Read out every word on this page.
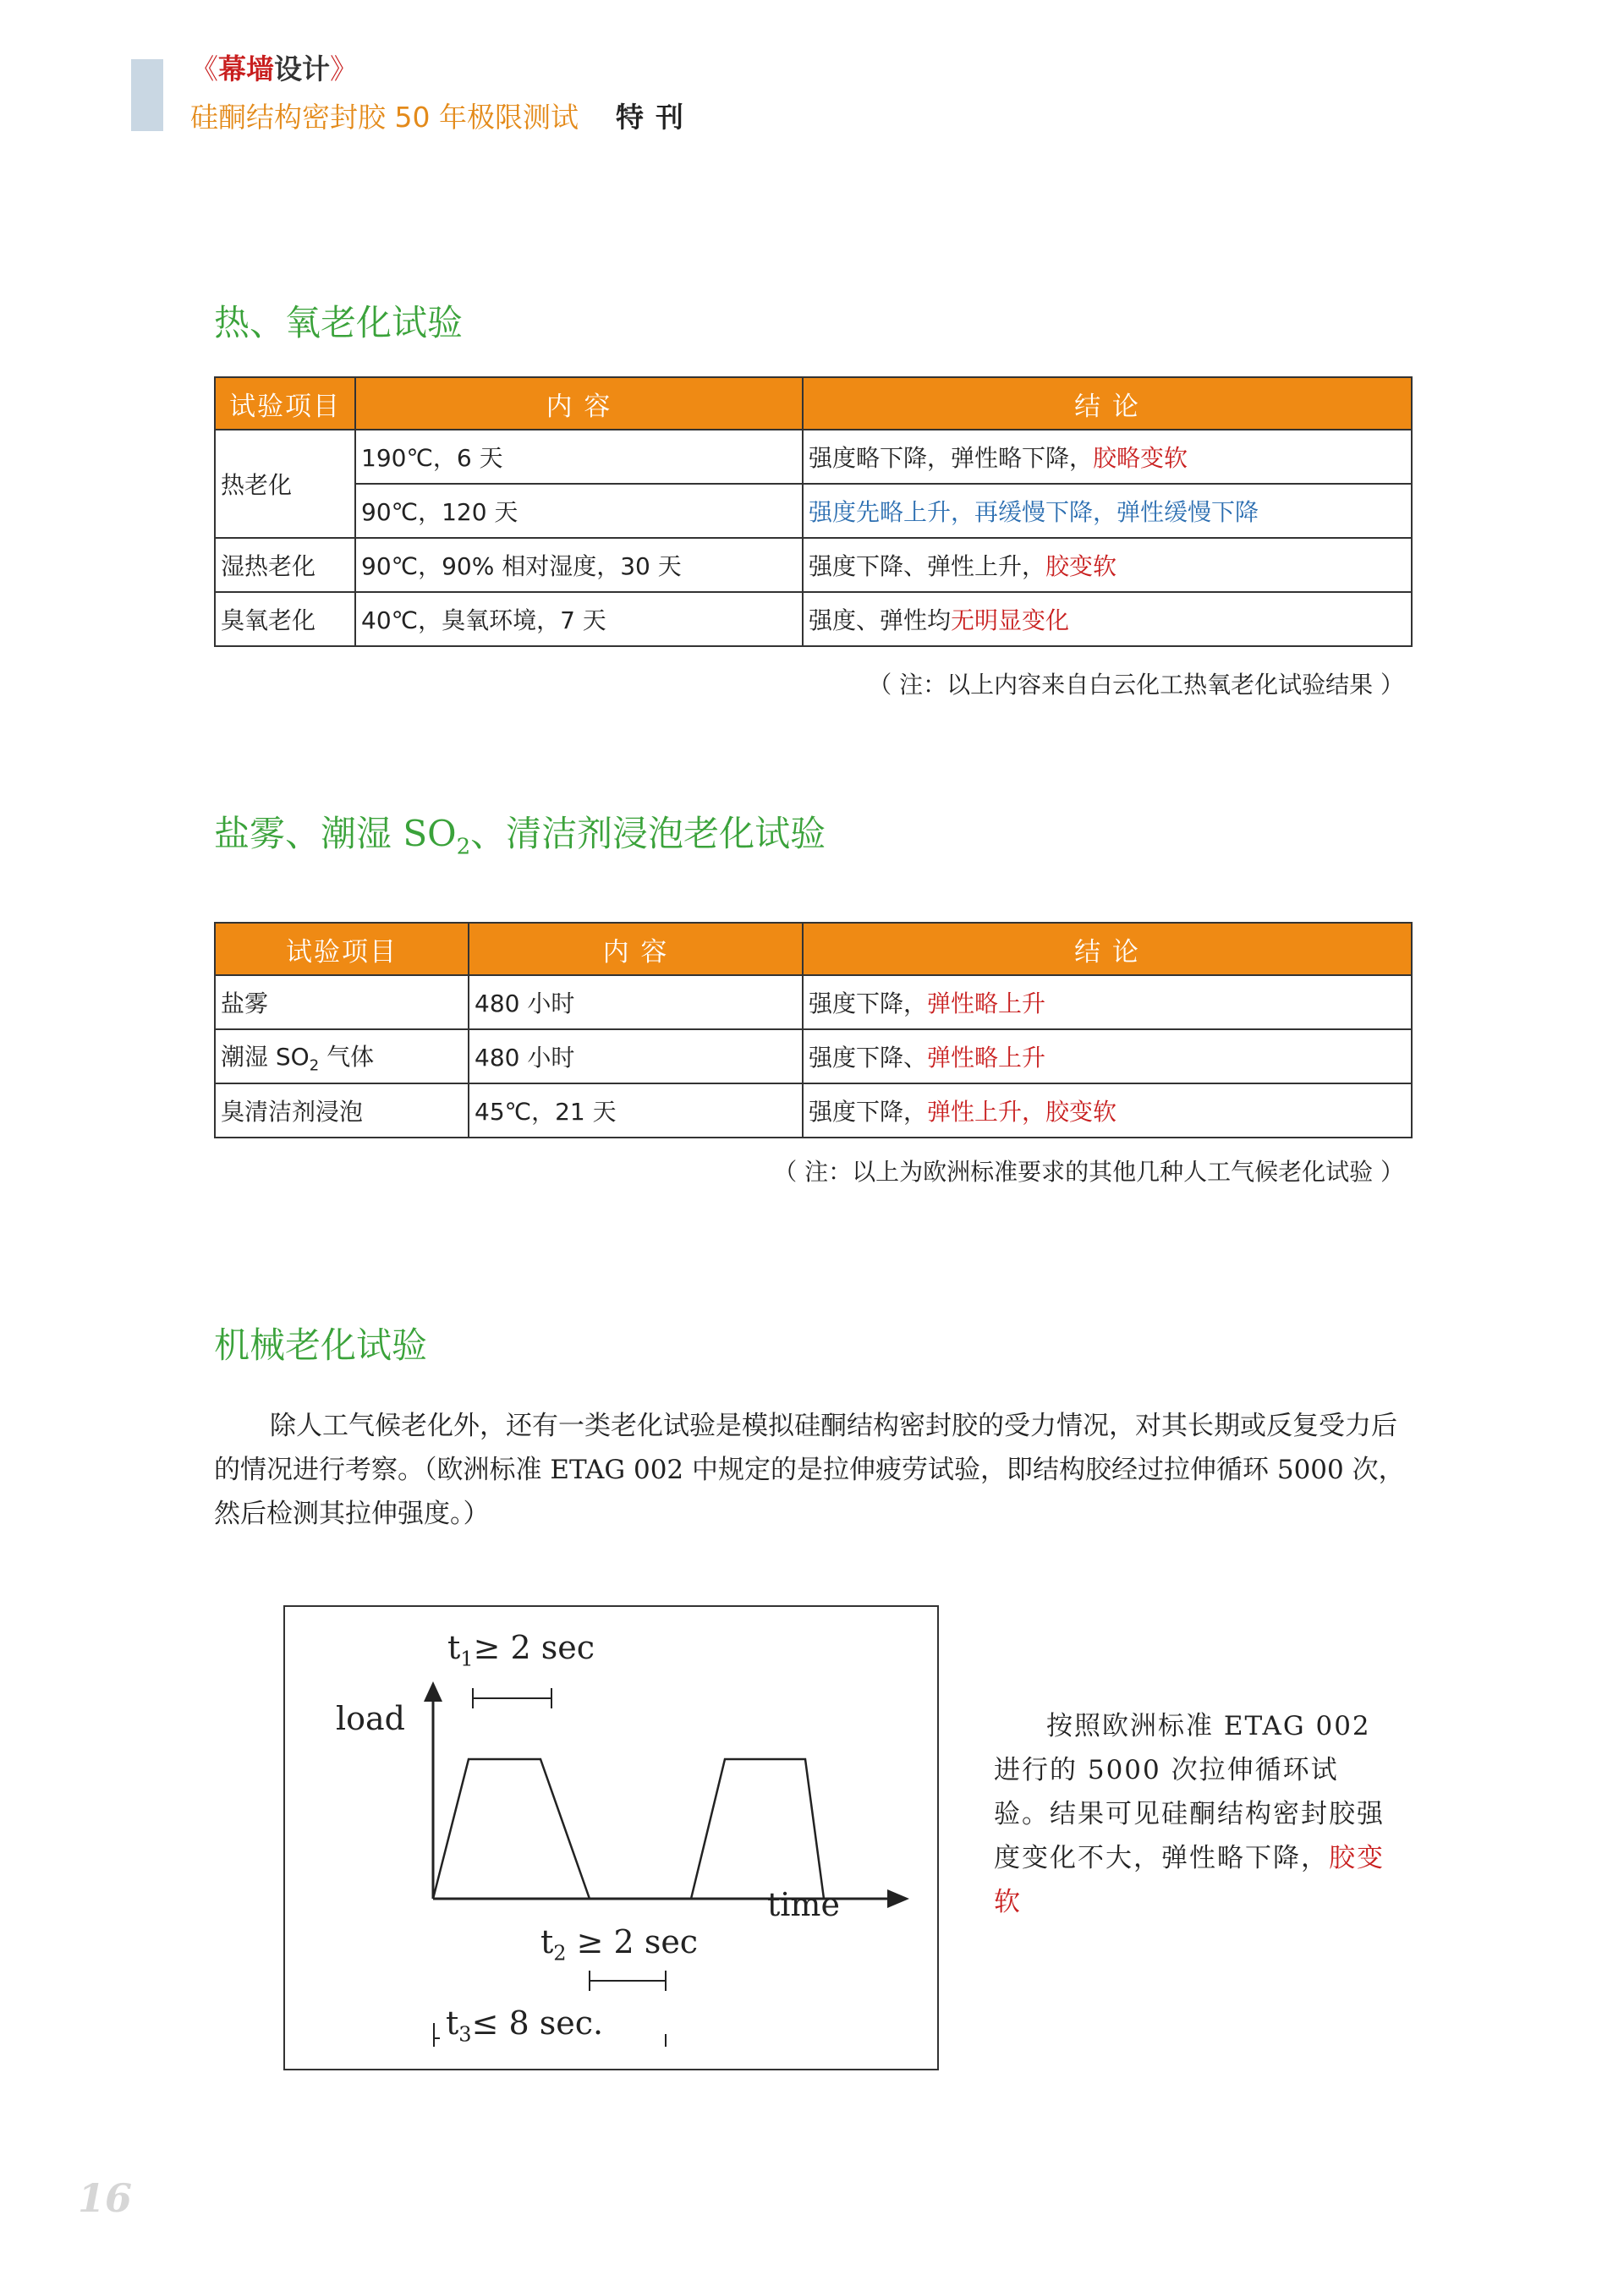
《幕墙设计》
硅酮结构密封胶 50 年极限测试 特刊
热、氧老化试验
试验项目	内 容	结 论
热老化	190℃，6 天	强度略下降，弹性略下降，胶略变软
	90℃，120 天	强度先略上升，再缓慢下降，弹性缓慢下降
湿热老化	90℃，90% 相对湿度，30 天	强度下降、弹性上升，胶变软
臭氧老化	40℃，臭氧环境，7 天	强度、弹性均无明显变化
（ 注：以上内容来自白云化工热氧老化试验结果 ）
盐雾、潮湿 $SO_2$、清洁剂浸泡老化试验
试验项目	内 容	结 论
盐雾	480 小时	强度下降，弹性略上升
潮湿 $SO_2$ 气体	480 小时	强度下降、弹性略上升
臭清洁剂浸泡	45℃，21 天	强度下降，弹性上升，胶变软
（ 注：以上为欧洲标准要求的其他几种人工气候老化试验 ）
机械老化试验
除人工气候老化外，还有一类老化试验是模拟硅酮结构密封胶的受力情况，对其长期或反复受力后的情况进行考察。（欧洲标准 ETAG 002 中规定的是拉伸疲劳试验，即结构胶经过拉伸循环 5000 次，然后检测其拉伸强度。）
load
time
$t_1\ge 2$ sec
$t_2 \ge 2$ sec
$t_3\le 8$ sec.
按照欧洲标准 ETAG 002 进行的 5000 次拉伸循环试验。结果可见硅酮结构密封胶强度变化不大，弹性略下降，胶变软
16
